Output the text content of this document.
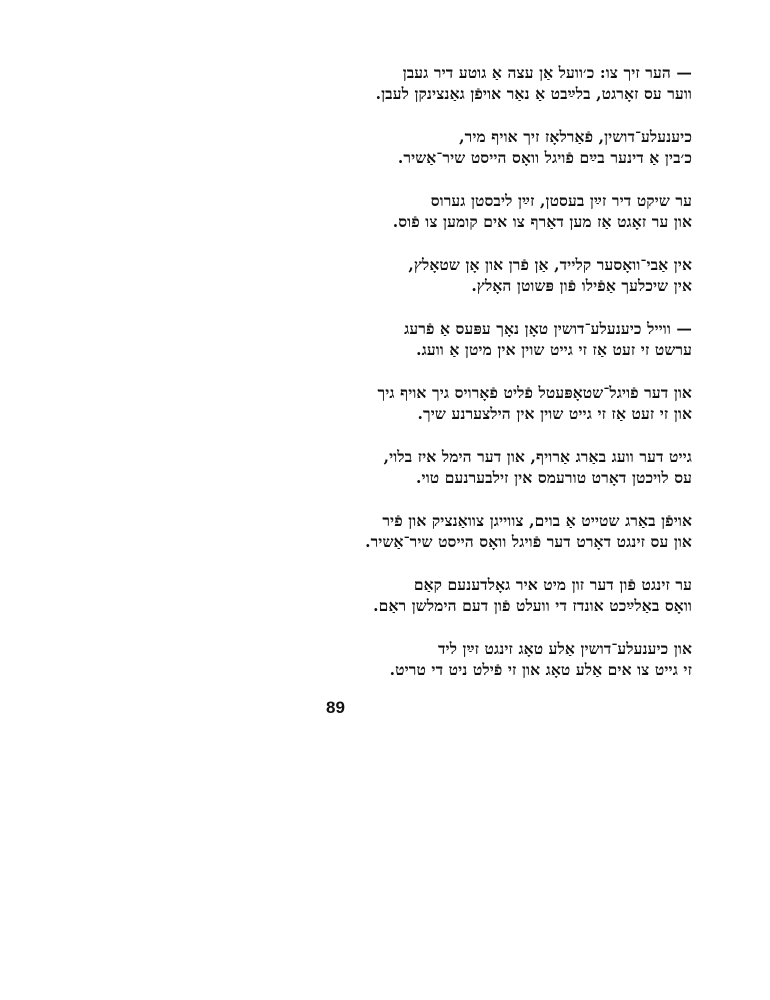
— הער זיך צו: כ׳וועל אַן עצה אַ גוטע דיר געבן
ווער עס זאָרגט, בלײַבט אַ נאַר אויפֿן גאַנצינקן לעבן.
כיענעלע־דושין, פֿאַרלאָז זיך אויף מיר,
כ׳בין אַ דינער בײַם פֿויגל וואָס הייסט שיר־אַשיר.
ער שיקט דיר זײַן בעסטן, זײַן ליבסטן גערוס
און ער זאָגט אַז מען דאַרף צו אים קומען צו פֿוס.
אין אַבי־וואָסער קלייד, אַן פֿרן און אָן שטאָלץ,
אין שיכלעך אַפֿילו פֿון פּשוטן האָלץ.
— ווייל כיענעלע־דושין טאָן נאָך עפּעס אַ פֿרעג
ערשט זי זעט אַז זי גייט שוין אין מיטן אַ וועג.
און דער פֿויגל־שטאָפּעטל פֿליט פֿאָרויס גיך אויף גיך
און זי זעט אַז זי גייט שוין אין הילצערנע שיך.
גייט דער וועג באַרג אַרויף, און דער הימל איז בלוי,
עס לויכטן דאָרט טורעמס אין זילבערנעם טוי.
אויפֿן באַרג שטייט אַ בוים, צווייגן צוואַנציק און פֿיר
און עס זינגט דאָרט דער פֿויגל וואָס הייסט שיר־אַשיר.
ער זינגט פֿון דער זון מיט איר גאָלדענעם קאַם
וואָס באַלײַכט אונדז די וועלט פֿון דעם הימלשן ראַם.
און כיענעלע־דושין אַלע טאָג זינגט זײַן ליד
זי גייט צו אים אַלע טאָג און זי פֿילט ניט די טריט.
89
